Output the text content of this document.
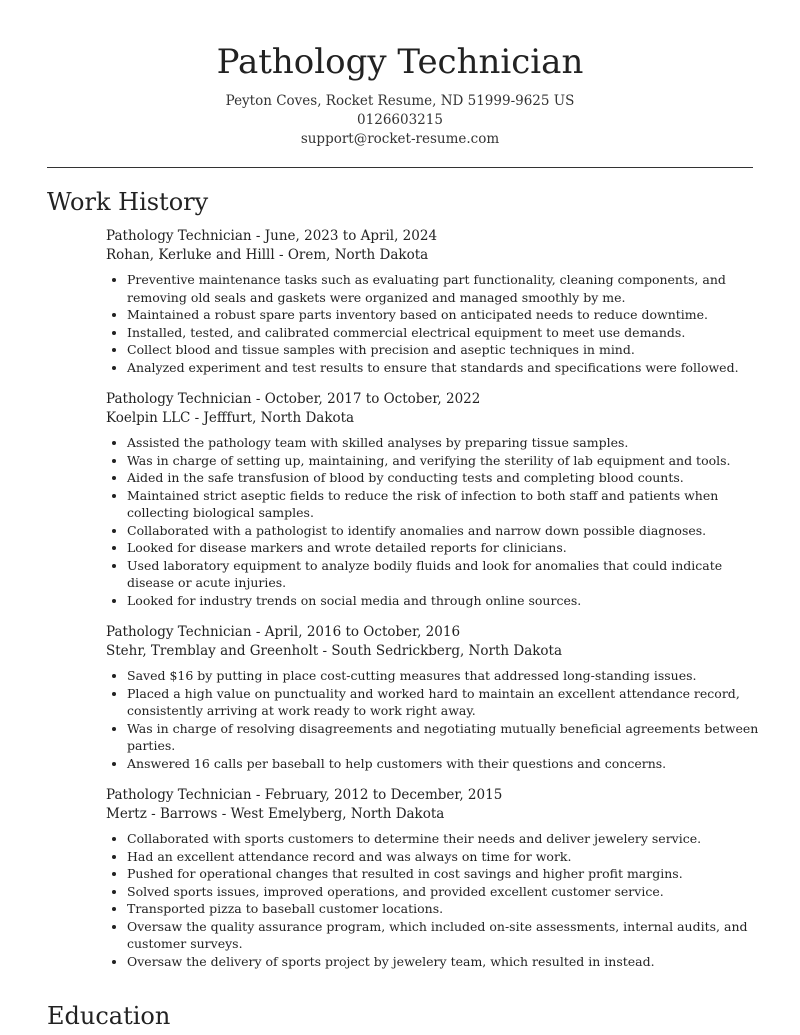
Pathology Technician
Peyton Coves, Rocket Resume, ND 51999-9625 US
0126603215
support@rocket-resume.com
Work History
Pathology Technician - June, 2023 to April, 2024
Rohan, Kerluke and Hilll - Orem, North Dakota
• Preventive maintenance tasks such as evaluating part functionality, cleaning components, and removing old seals and gaskets were organized and managed smoothly by me.
• Maintained a robust spare parts inventory based on anticipated needs to reduce downtime.
• Installed, tested, and calibrated commercial electrical equipment to meet use demands.
• Collect blood and tissue samples with precision and aseptic techniques in mind.
• Analyzed experiment and test results to ensure that standards and specifications were followed.
Pathology Technician - October, 2017 to October, 2022
Koelpin LLC - Jefffurt, North Dakota
• Assisted the pathology team with skilled analyses by preparing tissue samples.
• Was in charge of setting up, maintaining, and verifying the sterility of lab equipment and tools.
• Aided in the safe transfusion of blood by conducting tests and completing blood counts.
• Maintained strict aseptic fields to reduce the risk of infection to both staff and patients when collecting biological samples.
• Collaborated with a pathologist to identify anomalies and narrow down possible diagnoses.
• Looked for disease markers and wrote detailed reports for clinicians.
• Used laboratory equipment to analyze bodily fluids and look for anomalies that could indicate disease or acute injuries.
• Looked for industry trends on social media and through online sources.
Pathology Technician - April, 2016 to October, 2016
Stehr, Tremblay and Greenholt - South Sedrickberg, North Dakota
• Saved $16 by putting in place cost-cutting measures that addressed long-standing issues.
• Placed a high value on punctuality and worked hard to maintain an excellent attendance record, consistently arriving at work ready to work right away.
• Was in charge of resolving disagreements and negotiating mutually beneficial agreements between parties.
• Answered 16 calls per baseball to help customers with their questions and concerns.
Pathology Technician - February, 2012 to December, 2015
Mertz - Barrows - West Emelyberg, North Dakota
• Collaborated with sports customers to determine their needs and deliver jewelery service.
• Had an excellent attendance record and was always on time for work.
• Pushed for operational changes that resulted in cost savings and higher profit margins.
• Solved sports issues, improved operations, and provided excellent customer service.
• Transported pizza to baseball customer locations.
• Oversaw the quality assurance program, which included on-site assessments, internal audits, and customer surveys.
• Oversaw the delivery of sports project by jewelery team, which resulted in instead.
Education
